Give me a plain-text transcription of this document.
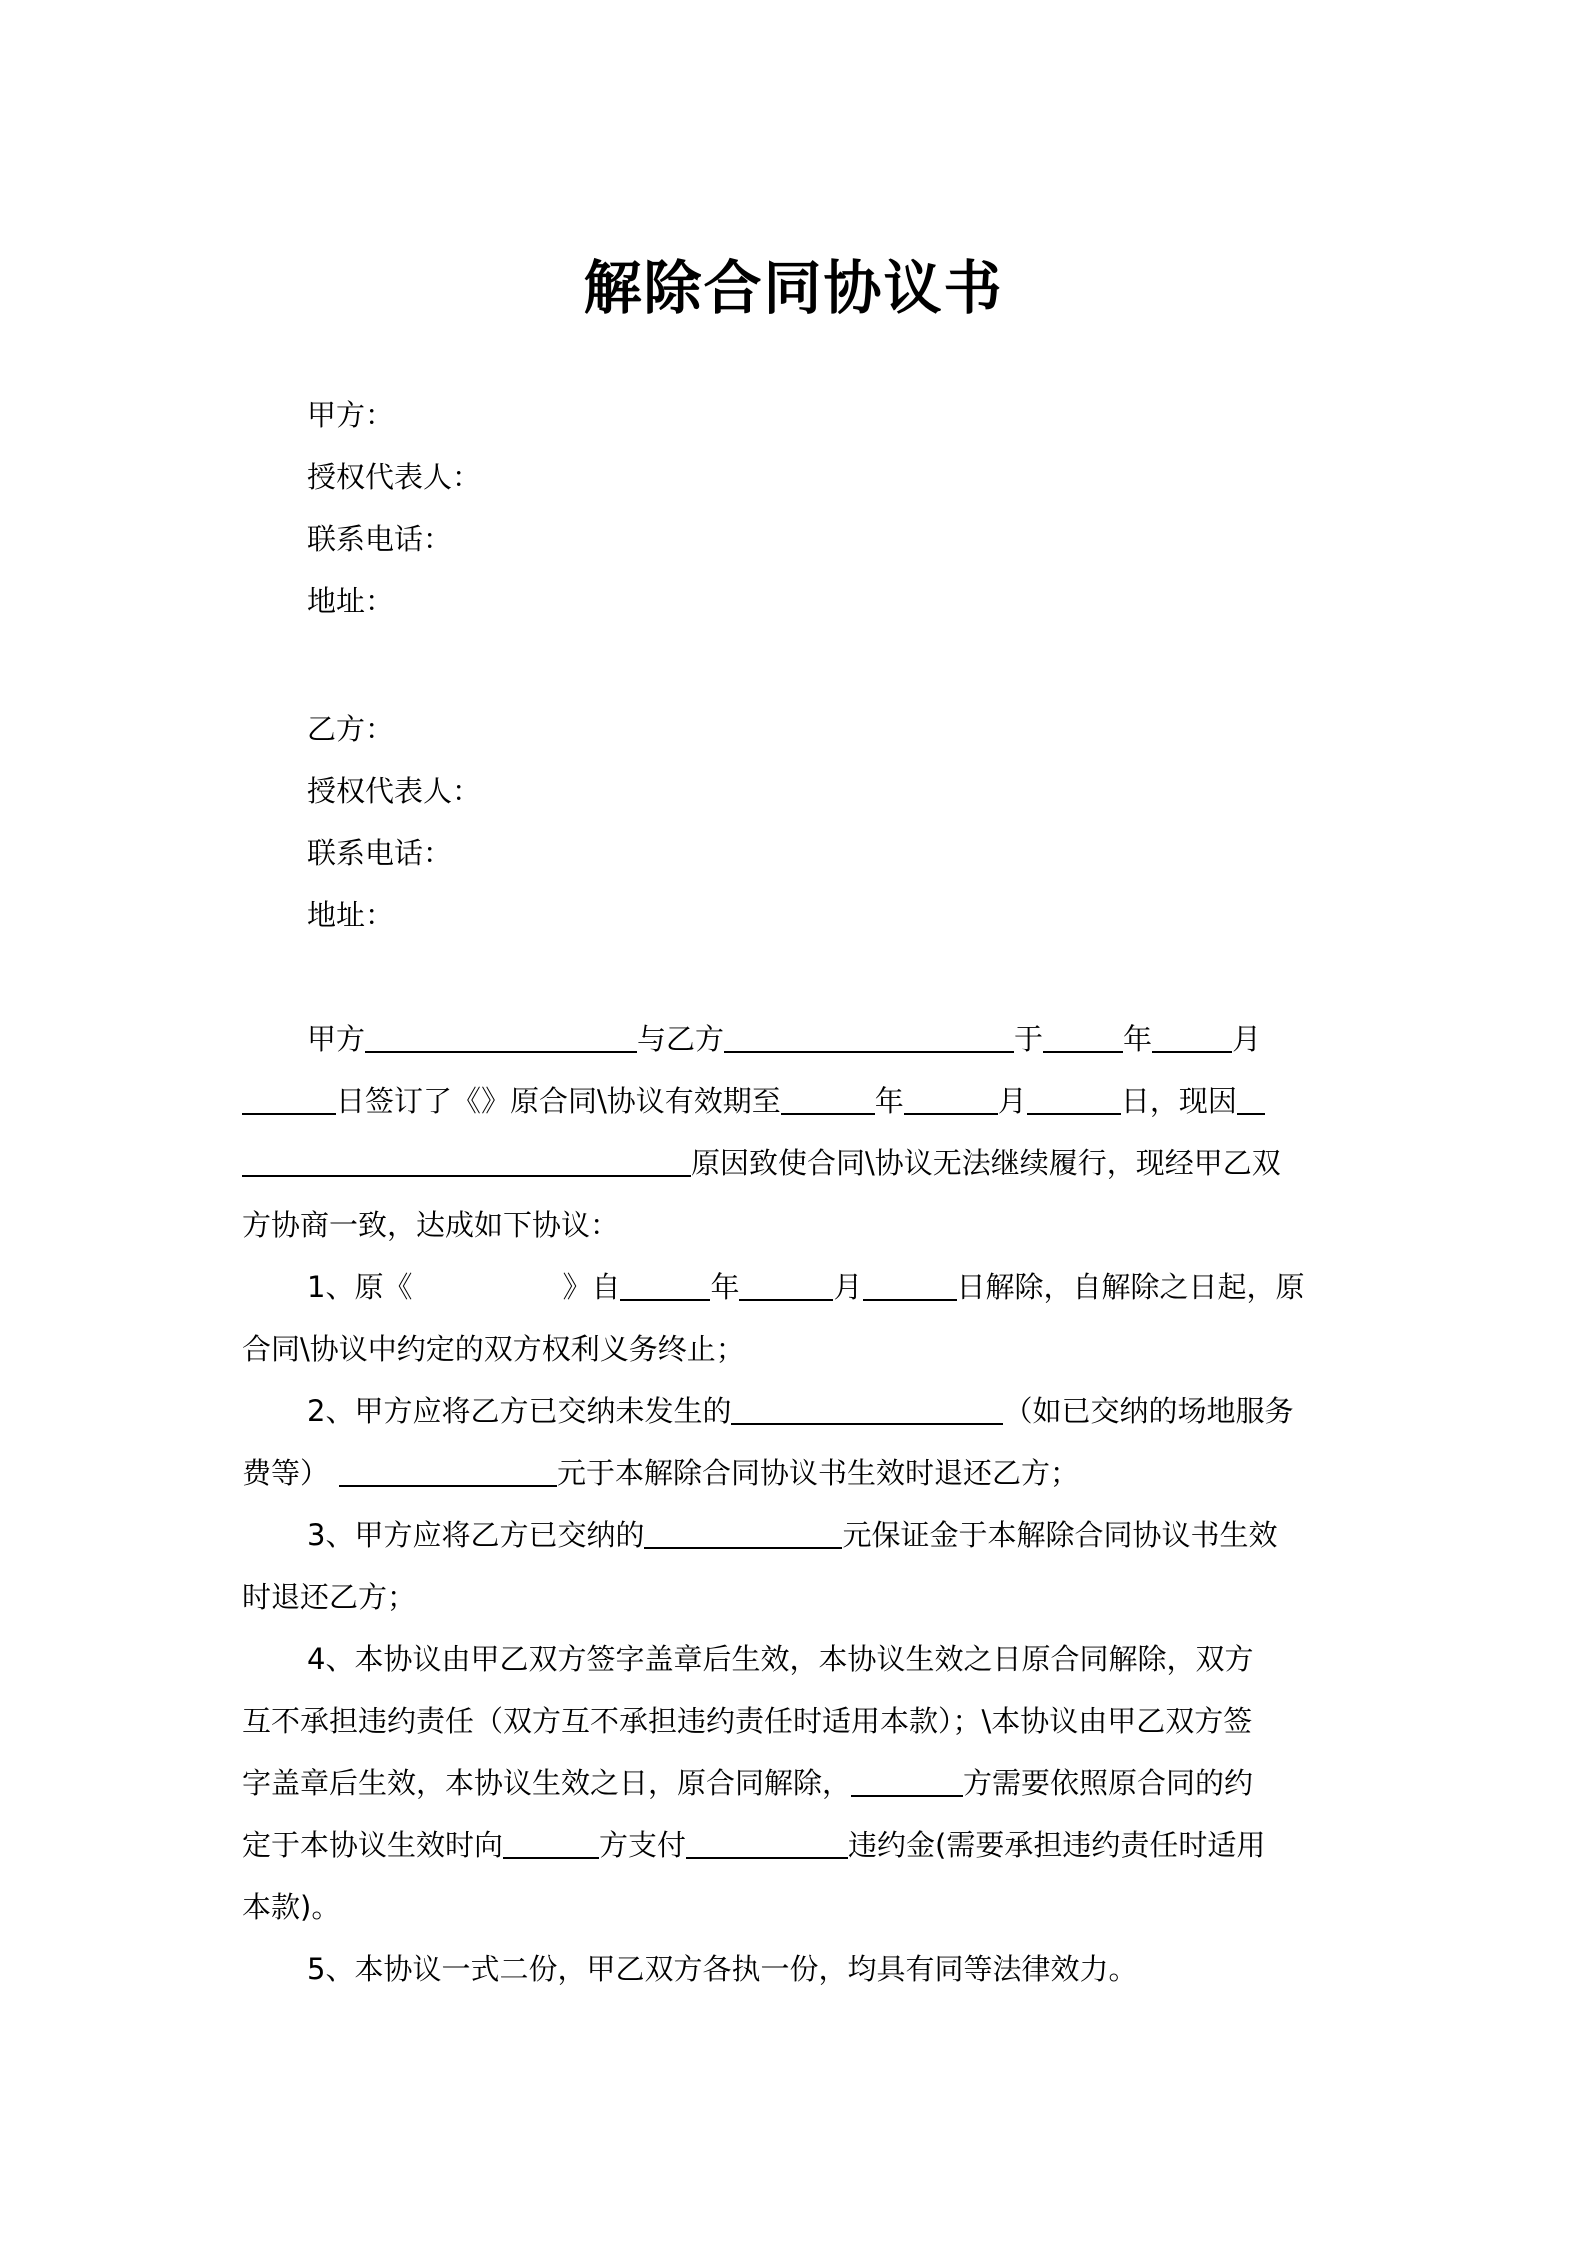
解除合同协议书
甲方：
授权代表人：
联系电话：
地址：
乙方：
授权代表人：
联系电话：
地址：
甲方	与乙方	于	年	月
日签订了《》原合同\协议有效期至	年	月	日，现因
原因致使合同\协议无法继续履行，现经甲乙双
方协商一致，达成如下协议：
1、原《	》自	年	月	日解除，自解除之日起，原
合同\协议中约定的双方权利义务终止；
2、甲方应将乙方已交纳未发生的	（如已交纳的场地服务
费等）	元于本解除合同协议书生效时退还乙方；
3、甲方应将乙方已交纳的	元保证金于本解除合同协议书生效
时退还乙方；
4、本协议由甲乙双方签字盖章后生效，本协议生效之日原合同解除，双方
互不承担违约责任（双方互不承担违约责任时适用本款）；\本协议由甲乙双方签
字盖章后生效，本协议生效之日，原合同解除，	方需要依照原合同的约
定于本协议生效时向	方支付	违约金(需要承担违约责任时适用
本款)。
5、本协议一式二份，甲乙双方各执一份，均具有同等法律效力。
